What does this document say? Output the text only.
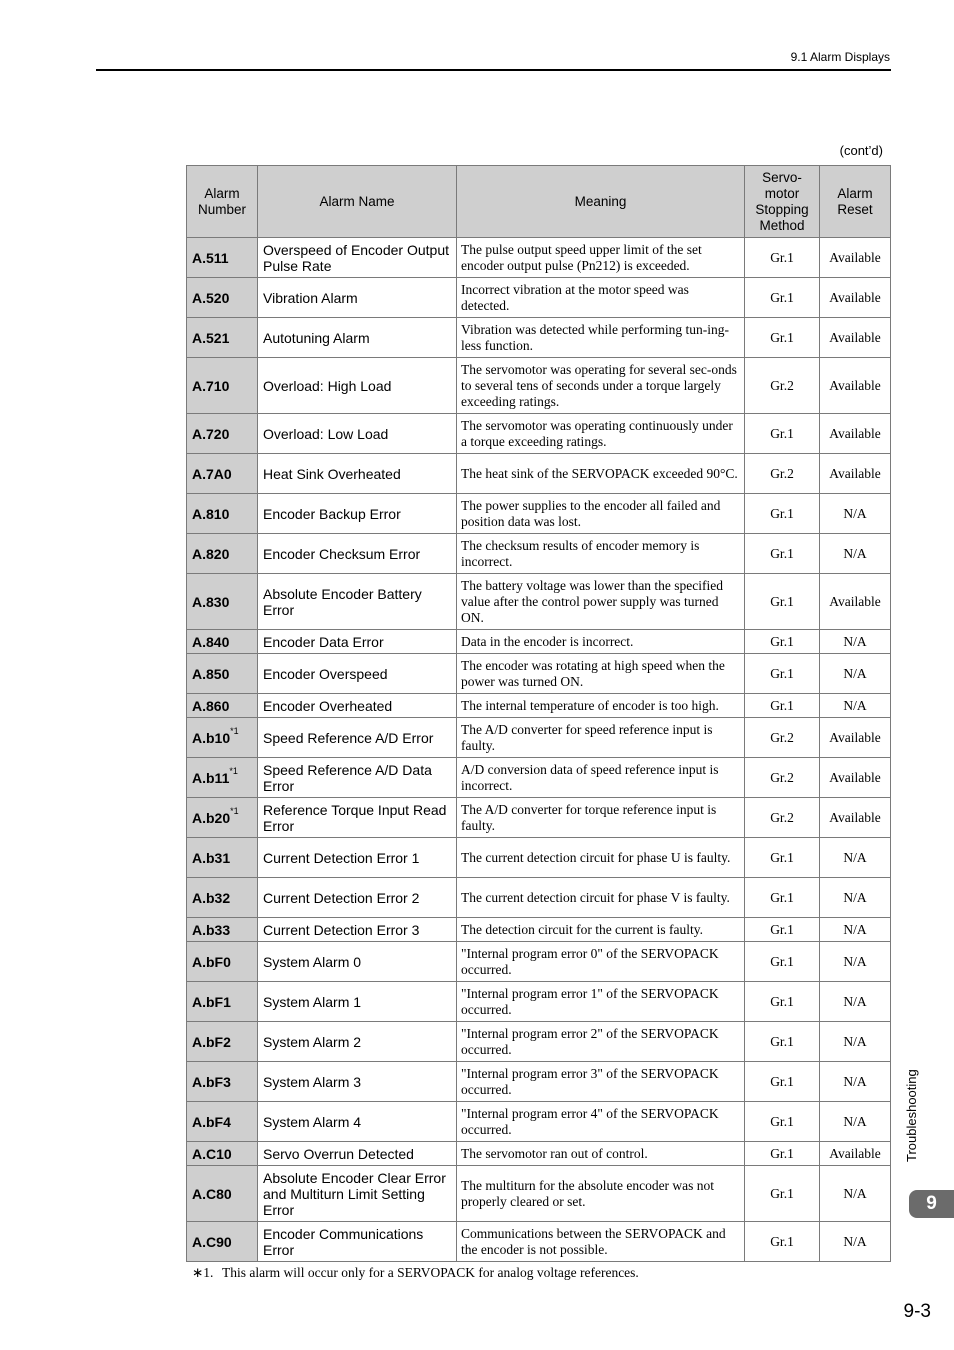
9.1 Alarm Displays
(cont’d)
Alarm Number	Alarm Name	Meaning	Servo-motor Stopping Method	Alarm Reset
A.511	Overspeed of Encoder Output Pulse Rate	The pulse output speed upper limit of the set encoder output pulse (Pn212) is exceeded.	Gr.1	Available
A.520	Vibration Alarm	Incorrect vibration at the motor speed was detected.	Gr.1	Available
A.521	Autotuning Alarm	Vibration was detected while performing tun-ing-less function.	Gr.1	Available
A.710	Overload: High Load	The servomotor was operating for several sec-onds to several tens of seconds under a torque largely exceeding ratings.	Gr.2	Available
A.720	Overload: Low Load	The servomotor was operating continuously under a torque exceeding ratings.	Gr.1	Available
A.7A0	Heat Sink Overheated	The heat sink of the SERVOPACK exceeded 90°C.	Gr.2	Available
A.810	Encoder Backup Error	The power supplies to the encoder all failed and position data was lost.	Gr.1	N/A
A.820	Encoder Checksum Error	The checksum results of encoder memory is incorrect.	Gr.1	N/A
A.830	Absolute Encoder Battery Error	The battery voltage was lower than the specified value after the control power supply was turned ON.	Gr.1	Available
A.840	Encoder Data Error	Data in the encoder is incorrect.	Gr.1	N/A
A.850	Encoder Overspeed	The encoder was rotating at high speed when the power was turned ON.	Gr.1	N/A
A.860	Encoder Overheated	The internal temperature of encoder is too high.	Gr.1	N/A
A.b10$^{*1}$	Speed Reference A/D Error	The A/D converter for speed reference input is faulty.	Gr.2	Available
A.b11$^{*1}$	Speed Reference A/D Data Error	A/D conversion data of speed reference input is incorrect.	Gr.2	Available
A.b20$^{*1}$	Reference Torque Input Read Error	The A/D converter for torque reference input is faulty.	Gr.2	Available
A.b31	Current Detection Error 1	The current detection circuit for phase U is faulty.	Gr.1	N/A
A.b32	Current Detection Error 2	The current detection circuit for phase V is faulty.	Gr.1	N/A
A.b33	Current Detection Error 3	The detection circuit for the current is faulty.	Gr.1	N/A
A.bF0	System Alarm 0	"Internal program error 0" of the SERVOPACK occurred.	Gr.1	N/A
A.bF1	System Alarm 1	"Internal program error 1" of the SERVOPACK occurred.	Gr.1	N/A
A.bF2	System Alarm 2	"Internal program error 2" of the SERVOPACK occurred.	Gr.1	N/A
A.bF3	System Alarm 3	"Internal program error 3" of the SERVOPACK occurred.	Gr.1	N/A
A.bF4	System Alarm 4	"Internal program error 4" of the SERVOPACK occurred.	Gr.1	N/A
A.C10	Servo Overrun Detected	The servomotor ran out of control.	Gr.1	Available
A.C80	Absolute Encoder Clear Error and Multiturn Limit Setting Error	The multiturn for the absolute encoder was not properly cleared or set.	Gr.1	N/A
A.C90	Encoder Communications Error	Communications between the SERVOPACK and the encoder is not possible.	Gr.1	N/A
∗1. This alarm will occur only for a SERVOPACK for analog voltage references.
Troubleshooting
9
9-3
